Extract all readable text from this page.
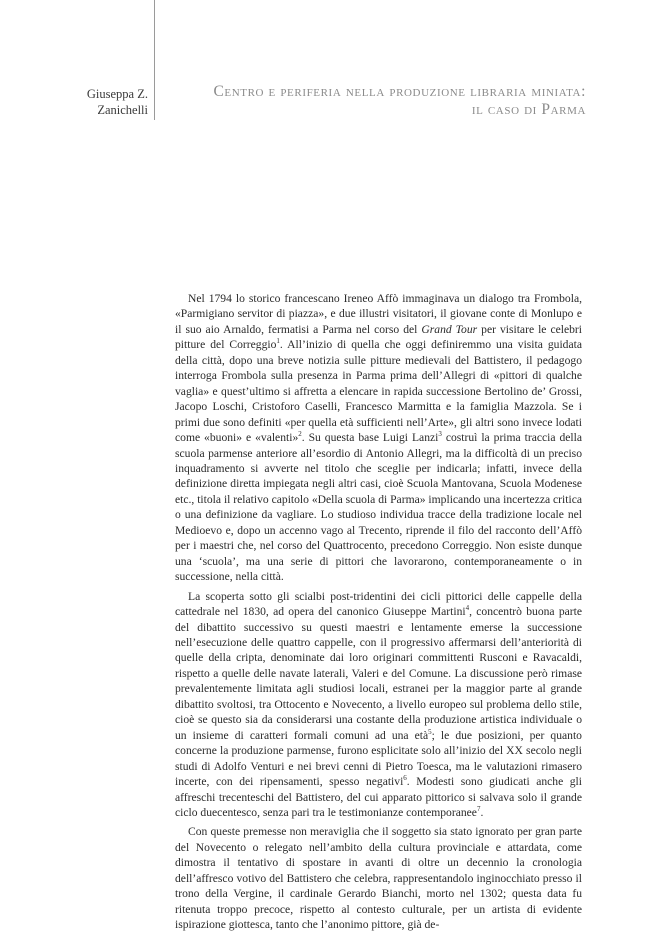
Giuseppa Z.
Zanichelli
Centro e periferia nella produzione libraria miniata:
il caso di Parma

Nel 1794 lo storico francescano Ireneo Affò immaginava un dialogo tra Frombola, «Parmigiano servitor di piazza», e due illustri visitatori, il giovane conte di Monlupo e il suo aio Arnaldo, fermatisi a Parma nel corso del Grand Tour per visitare le celebri pitture del Correggio$^1$. All’inizio di quella che oggi definiremmo una visita guidata della città, dopo una breve notizia sulle pitture medievali del Battistero, il pedagogo interroga Frombola sulla presenza in Parma prima dell’Allegri di «pittori di qualche vaglia» e quest’ultimo si affretta a elencare in rapida successione Bertolino de’ Grossi, Jacopo Loschi, Cristoforo Caselli, Francesco Marmitta e la famiglia Mazzola. Se i primi due sono definiti «per quella età sufficienti nell’Arte», gli altri sono invece lodati come «buoni» e «valenti»$^2$. Su questa base Luigi Lanzi$^3$ costruì la prima traccia della scuola parmense anteriore all’esordio di Antonio Allegri, ma la difficoltà di un preciso inquadramento si avverte nel titolo che sceglie per indicarla; infatti, invece della definizione diretta impiegata negli altri casi, cioè Scuola Mantovana, Scuola Modenese etc., titola il relativo capitolo «Della scuola di Parma» implicando una incertezza critica o una definizione da vagliare. Lo studioso individua tracce della tradizione locale nel Medioevo e, dopo un accenno vago al Trecento, riprende il filo del racconto dell’Affò per i maestri che, nel corso del Quattrocento, precedono Correggio. Non esiste dunque una ‘scuola’, ma una serie di pittori che lavorarono, contemporaneamente o in successione, nella città.

La scoperta sotto gli scialbi post-tridentini dei cicli pittorici delle cappelle della cattedrale nel 1830, ad opera del canonico Giuseppe Martini$^4$, concentrò buona parte del dibattito successivo su questi maestri e lentamente emerse la successione nell’esecuzione delle quattro cappelle, con il progressivo affermarsi dell’anteriorità di quelle della cripta, denominate dai loro originari committenti Rusconi e Ravacaldi, rispetto a quelle delle navate laterali, Valeri e del Comune. La discussione però rimase prevalentemente limitata agli studiosi locali, estranei per la maggior parte al grande dibattito svoltosi, tra Ottocento e Novecento, a livello europeo sul problema dello stile, cioè se questo sia da considerarsi una costante della produzione artistica individuale o un insieme di caratteri formali comuni ad una età$^5$; le due posizioni, per quanto concerne la produzione parmense, furono esplicitate solo all’inizio del XX secolo negli studi di Adolfo Venturi e nei brevi cenni di Pietro Toesca, ma le valutazioni rimasero incerte, con dei ripensamenti, spesso negativi$^6$. Modesti sono giudicati anche gli affreschi trecenteschi del Battistero, del cui apparato pittorico si salvava solo il grande ciclo duecentesco, senza pari tra le testimonianze contemporanee$^7$.

Con queste premesse non meraviglia che il soggetto sia stato ignorato per gran parte del Novecento o relegato nell’ambito della cultura provinciale e attardata, come dimostra il tentativo di spostare in avanti di oltre un decennio la cronologia dell’affresco votivo del Battistero che celebra, rappresentandolo inginocchiato presso il trono della Vergine, il cardinale Gerardo Bianchi, morto nel 1302; questa data fu ritenuta troppo precoce, rispetto al contesto culturale, per un artista di evidente ispirazione giottesca, tanto che l’anonimo pittore, già de-
